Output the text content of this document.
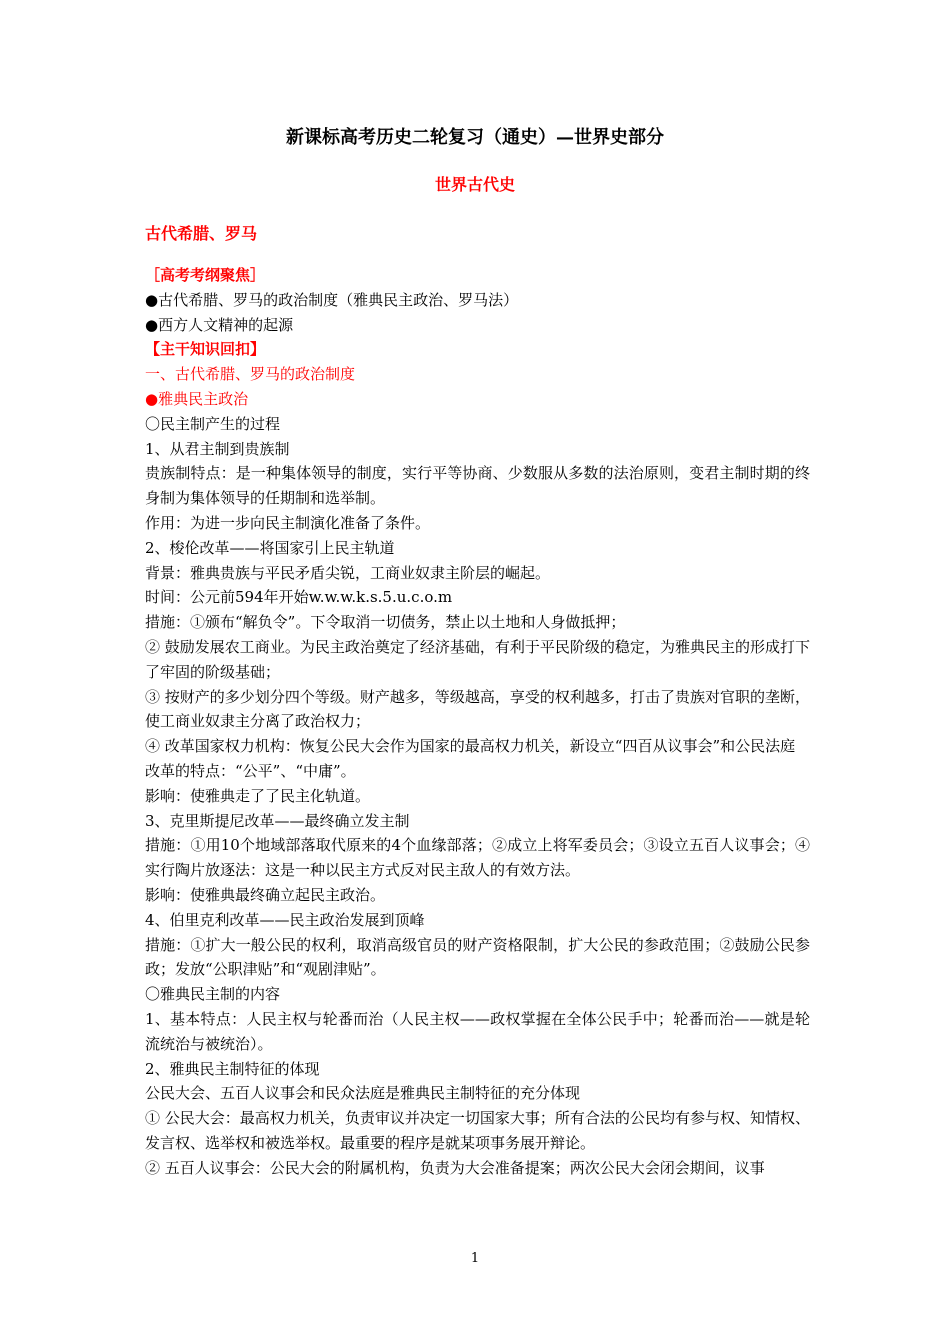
新课标高考历史二轮复习（通史）—世界史部分
世界古代史
古代希腊、罗马
［高考考纲聚焦］
●古代希腊、罗马的政治制度（雅典民主政治、罗马法）
●西方人文精神的起源
【主干知识回扣】
一、古代希腊、罗马的政治制度
●雅典民主政治
〇民主制产生的过程
1、从君主制到贵族制
贵族制特点：是一种集体领导的制度，实行平等协商、少数服从多数的法治原则，变君主制时期的终身制为集体领导的任期制和选举制。
作用：为进一步向民主制演化准备了条件。
2、梭伦改革——将国家引上民主轨道
背景：雅典贵族与平民矛盾尖锐，工商业奴隶主阶层的崛起。
时间：公元前594年开始w.w.w.k.s.5.u.c.o.m
措施：①颁布“解负令”。下令取消一切债务，禁止以土地和人身做抵押；
② 鼓励发展农工商业。为民主政治奠定了经济基础，有利于平民阶级的稳定，为雅典民主的形成打下了牢固的阶级基础；
③ 按财产的多少划分四个等级。财产越多，等级越高，享受的权利越多，打击了贵族对官职的垄断，使工商业奴隶主分离了政治权力；
④ 改革国家权力机构：恢复公民大会作为国家的最高权力机关，新设立“四百从议事会”和公民法庭
改革的特点：“公平”、“中庸”。
影响：使雅典走了了民主化轨道。
3、克里斯提尼改革——最终确立发主制
措施：①用10个地域部落取代原来的4个血缘部落；②成立上将军委员会；③设立五百人议事会；④实行陶片放逐法：这是一种以民主方式反对民主敌人的有效方法。
影响：使雅典最终确立起民主政治。
4、伯里克利改革——民主政治发展到顶峰
措施：①扩大一般公民的权利，取消高级官员的财产资格限制，扩大公民的参政范围；②鼓励公民参政；发放“公职津贴”和“观剧津贴”。
〇雅典民主制的内容
1、基本特点：人民主权与轮番而治（人民主权——政权掌握在全体公民手中；轮番而治——就是轮流统治与被统治）。
2、雅典民主制特征的体现
公民大会、五百人议事会和民众法庭是雅典民主制特征的充分体现
① 公民大会：最高权力机关，负责审议并决定一切国家大事；所有合法的公民均有参与权、知情权、发言权、选举权和被选举权。最重要的程序是就某项事务展开辩论。
② 五百人议事会：公民大会的附属机构，负责为大会准备提案；两次公民大会闭会期间，议事
1
